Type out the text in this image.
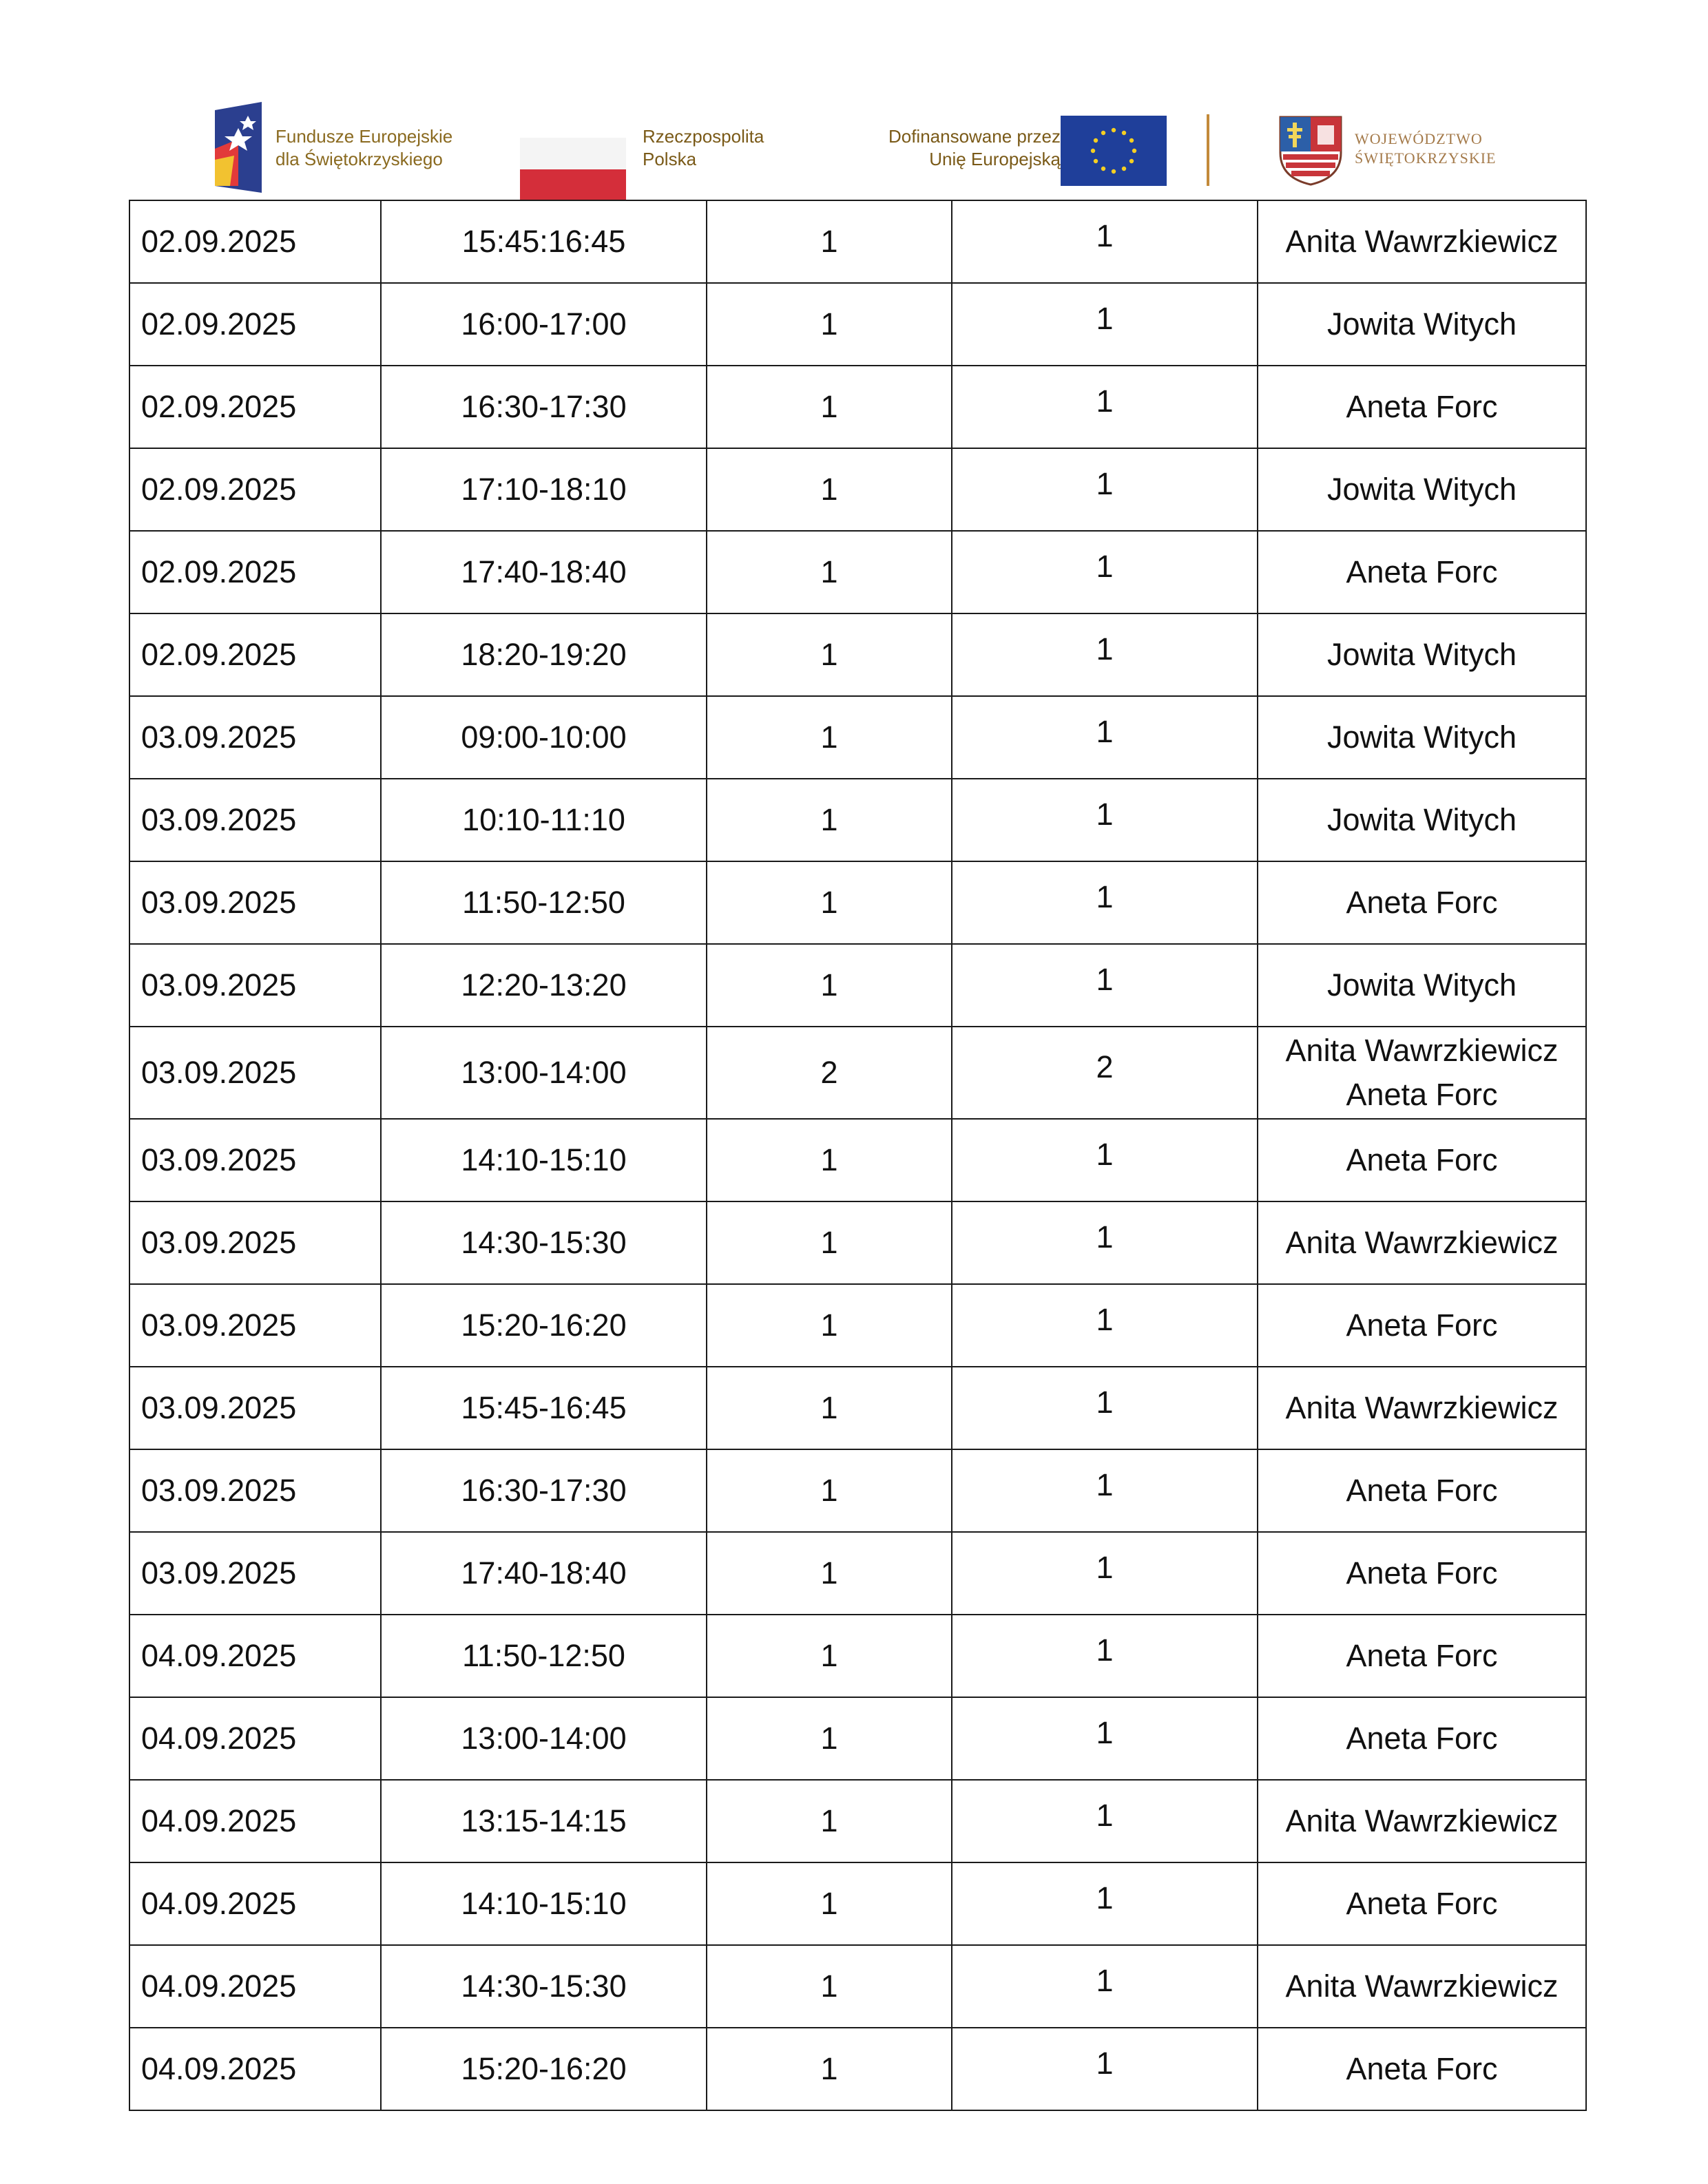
Fundusze Europejskie
dla Świętokrzyskiego
Rzeczpospolita
Polska
Dofinansowane przez
Unię Europejską
WOJEWÓDZTWO
ŚWIĘTOKRZYSKIE
02.09.2025	15:45:16:45	1	1	Anita Wawrzkiewicz

02.09.2025	16:00-17:00	1	1	Jowita Witych

02.09.2025	16:30-17:30	1	1	Aneta Forc

02.09.2025	17:10-18:10	1	1	Jowita Witych

02.09.2025	17:40-18:40	1	1	Aneta Forc

02.09.2025	18:20-19:20	1	1	Jowita Witych

03.09.2025	09:00-10:00	1	1	Jowita Witych

03.09.2025	10:10-11:10	1	1	Jowita Witych

03.09.2025	11:50-12:50	1	1	Aneta Forc

03.09.2025	12:20-13:20	1	1	Jowita Witych

03.09.2025	13:00-14:00	2	2	Anita Wawrzkiewicz
Aneta Forc

03.09.2025	14:10-15:10	1	1	Aneta Forc

03.09.2025	14:30-15:30	1	1	Anita Wawrzkiewicz

03.09.2025	15:20-16:20	1	1	Aneta Forc

03.09.2025	15:45-16:45	1	1	Anita Wawrzkiewicz

03.09.2025	16:30-17:30	1	1	Aneta Forc

03.09.2025	17:40-18:40	1	1	Aneta Forc

04.09.2025	11:50-12:50	1	1	Aneta Forc

04.09.2025	13:00-14:00	1	1	Aneta Forc

04.09.2025	13:15-14:15	1	1	Anita Wawrzkiewicz

04.09.2025	14:10-15:10	1	1	Aneta Forc

04.09.2025	14:30-15:30	1	1	Anita Wawrzkiewicz

04.09.2025	15:20-16:20	1	1	Aneta Forc
